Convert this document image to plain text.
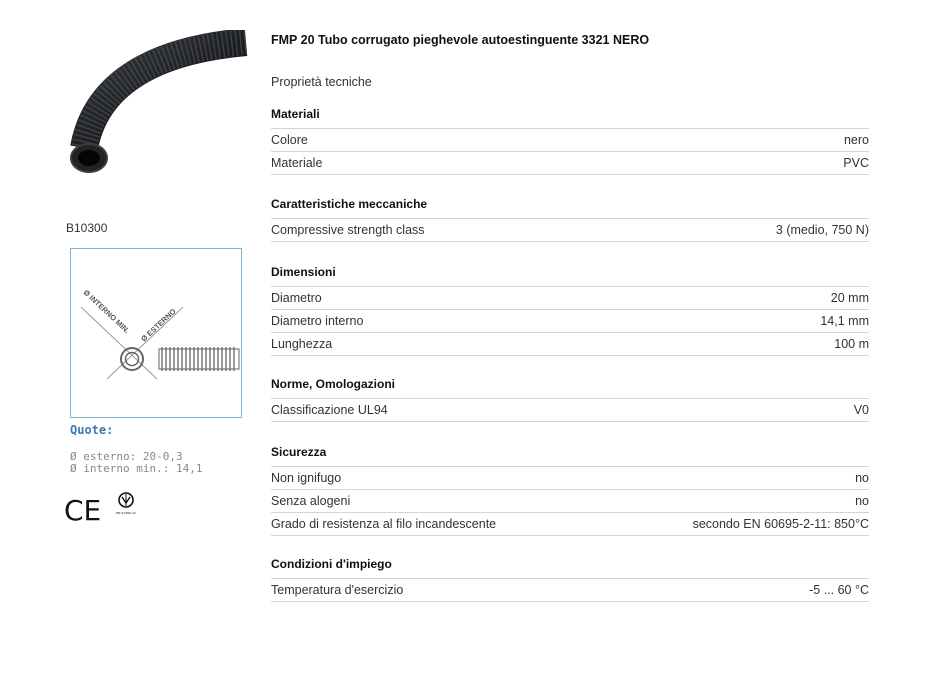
B10300
Ø INTERNO MIN. Ø ESTERNO
Quote:
Ø esterno: 20-0,3
Ø interno min.: 14,1
CE	EN 61386-22
FMP 20 Tubo corrugato pieghevole autoestinguente 3321 NERO
Proprietà tecniche
Materiali
Colore	nero
Materiale	PVC
Caratteristiche meccaniche
Compressive strength class	3 (medio, 750 N)
Dimensioni
Diametro	20 mm
Diametro interno	14,1 mm
Lunghezza	100 m
Norme, Omologazioni
Classificazione UL94	V0
Sicurezza
Non ignifugo	no
Senza alogeni	no
Grado di resistenza al filo incandescente	secondo EN 60695-2-11: 850°C
Condizioni d'impiego
Temperatura d'esercizio	-5 ... 60 °C
